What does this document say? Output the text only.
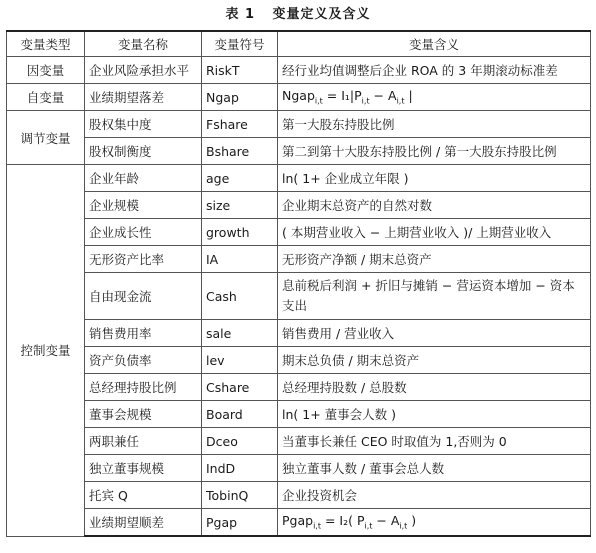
表 1 变量定义及含义
变量类型	变量名称	变量符号	变量含义
因变量	企业风险承担水平	RiskT	经行业均值调整后企业 ROA 的 3 年期滚动标准差
自变量	业绩期望落差	Ngap	Ngap$_{i,t}$ = $I_1|P_{i,t} - A_{i,t}$ |
调节变量	股权集中度	Fshare	第一大股东持股比例
	股权制衡度	Bshare	第二到第十大股东持股比例 / 第一大股东持股比例
控制变量	企业年龄	age	ln( 1+ 企业成立年限 )
	企业规模	size	企业期末总资产的自然对数
	企业成长性	growth	( 本期营业收入 − 上期营业收入 )/ 上期营业收入
	无形资产比率	IA	无形资产净额 / 期末总资产
	自由现金流	Cash	息前税后利润 + 折旧与摊销 − 营运资本增加 − 资本支出
	销售费用率	sale	销售费用 / 营业收入
	资产负债率	lev	期末总负债 / 期末总资产
	总经理持股比例	Cshare	总经理持股数 / 总股数
	董事会规模	Board	ln( 1+ 董事会人数 )
	两职兼任	Dceo	当董事长兼任 CEO 时取值为 1,否则为 0
	独立董事规模	IndD	独立董事人数 / 董事会总人数
	托宾 Q	TobinQ	企业投资机会
	业绩期望顺差	Pgap	Pgap$_{i,t}$ = I₂( $P_{i,t} - A_{i,t}$ )
